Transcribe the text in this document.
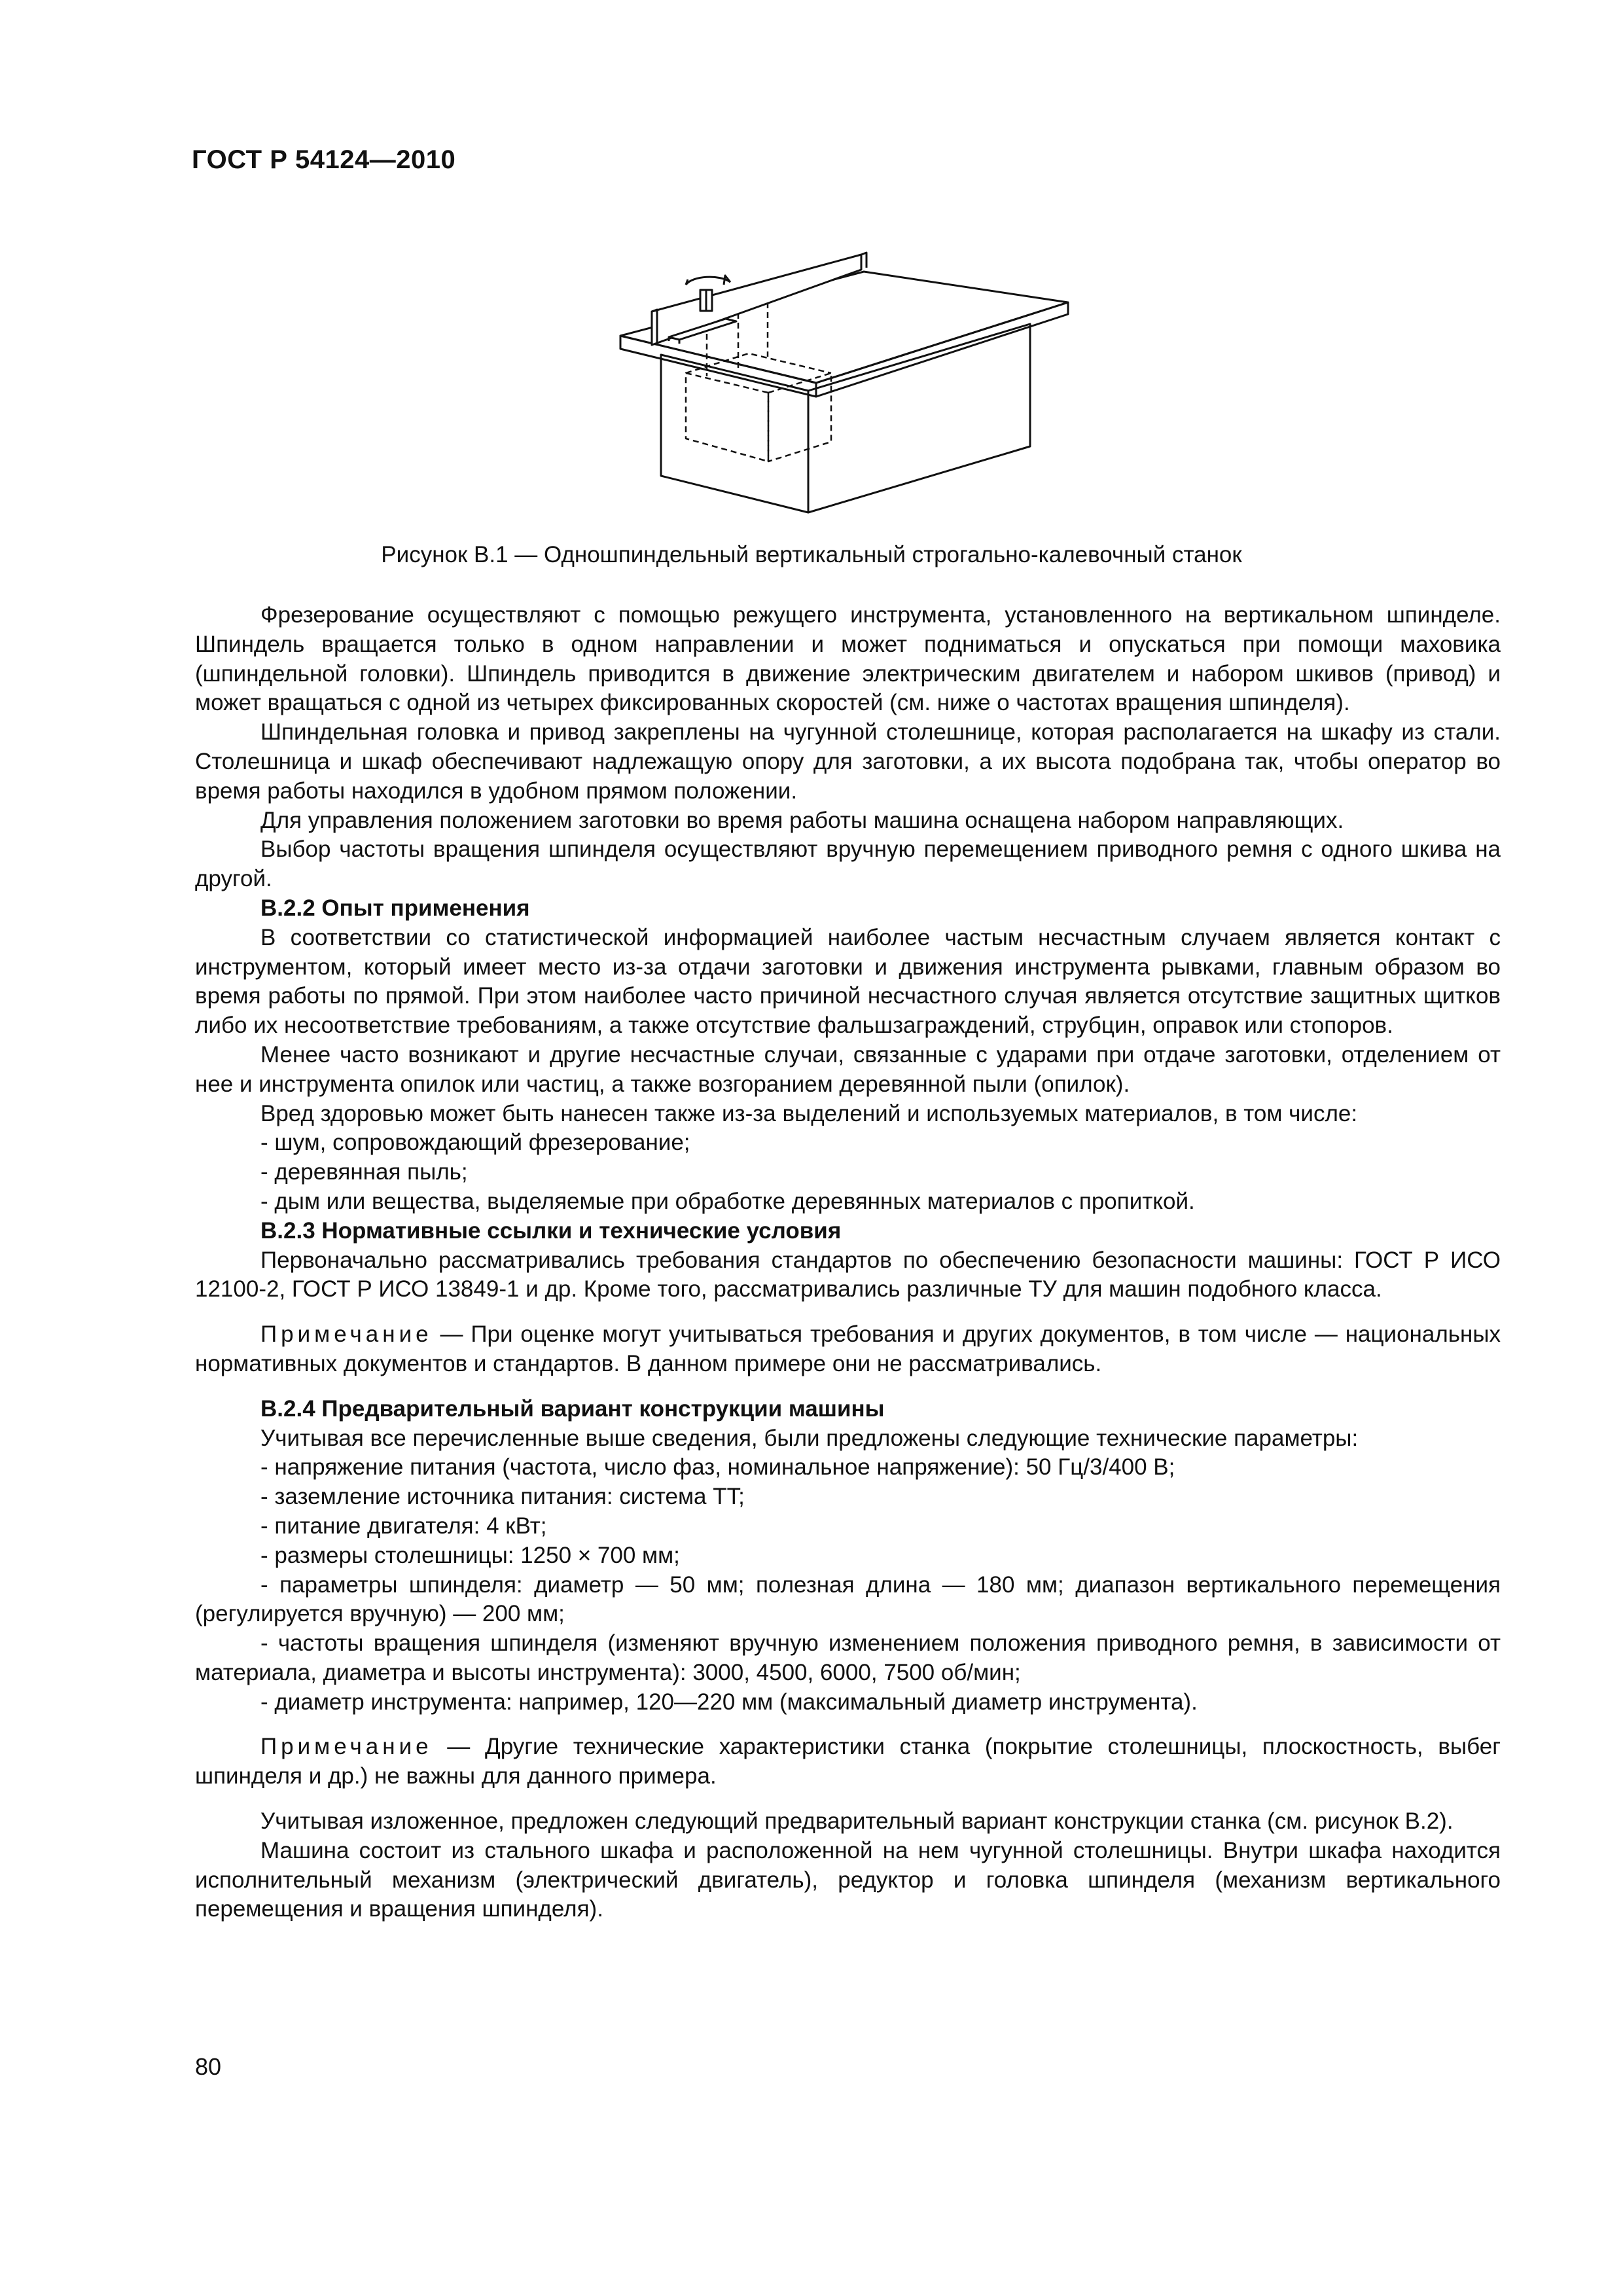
ГОСТ Р 54124—2010
Рисунок В.1 — Одношпиндельный вертикальный строгально-калевочный станок

Фрезерование осуществляют с помощью режущего инструмента, установленного на вертикальном шпинделе. Шпиндель вращается только в одном направлении и может подниматься и опускаться при помощи маховика (шпиндельной головки). Шпиндель приводится в движение электрическим двигателем и набором шкивов (привод) и может вращаться с одной из четырех фиксированных скоростей (см. ниже о частотах вращения шпинделя).

Шпиндельная головка и привод закреплены на чугунной столешнице, которая располагается на шкафу из стали. Столешница и шкаф обеспечивают надлежащую опору для заготовки, а их высота подобрана так, чтобы оператор во время работы находился в удобном прямом положении.

Для управления положением заготовки во время работы машина оснащена набором направляющих.

Выбор частоты вращения шпинделя осуществляют вручную перемещением приводного ремня с одного шкива на другой.

В.2.2 Опыт применения

В соответствии со статистической информацией наиболее частым несчастным случаем является контакт с инструментом, который имеет место из-за отдачи заготовки и движения инструмента рывками, главным образом во время работы по прямой. При этом наиболее часто причиной несчастного случая является отсутствие защитных щитков либо их несоответствие требованиям, а также отсутствие фальшзаграждений, струбцин, оправок или стопоров.

Менее часто возникают и другие несчастные случаи, связанные с ударами при отдаче заготовки, отделением от нее и инструмента опилок или частиц, а также возгоранием деревянной пыли (опилок).

Вред здоровью может быть нанесен также из-за выделений и используемых материалов, в том числе:

- шум, сопровождающий фрезерование;

- деревянная пыль;

- дым или вещества, выделяемые при обработке деревянных материалов с пропиткой.

В.2.3 Нормативные ссылки и технические условия

Первоначально рассматривались требования стандартов по обеспечению безопасности машины: ГОСТ Р ИСО 12100-2, ГОСТ Р ИСО 13849-1 и др. Кроме того, рассматривались различные ТУ для машин подобного класса.

Примечание — При оценке могут учитываться требования и других документов, в том числе — национальных нормативных документов и стандартов. В данном примере они не рассматривались.

В.2.4 Предварительный вариант конструкции машины

Учитывая все перечисленные выше сведения, были предложены следующие технические параметры:

- напряжение питания (частота, число фаз, номинальное напряжение): 50 Гц/3/400 В;

- заземление источника питания: система TT;

- питание двигателя: 4 кВт;

- размеры столешницы: 1250 × 700 мм;

- параметры шпинделя: диаметр — 50 мм; полезная длина — 180 мм; диапазон вертикального перемещения (регулируется вручную) — 200 мм;

- частоты вращения шпинделя (изменяют вручную изменением положения приводного ремня, в зависимости от материала, диаметра и высоты инструмента): 3000, 4500, 6000, 7500 об/мин;

- диаметр инструмента: например, 120—220 мм (максимальный диаметр инструмента).

Примечание — Другие технические характеристики станка (покрытие столешницы, плоскостность, выбег шпинделя и др.) не важны для данного примера.

Учитывая изложенное, предложен следующий предварительный вариант конструкции станка (см. рисунок В.2).

Машина состоит из стального шкафа и расположенной на нем чугунной столешницы. Внутри шкафа находится исполнительный механизм (электрический двигатель), редуктор и головка шпинделя (механизм вертикального перемещения и вращения шпинделя).

80
